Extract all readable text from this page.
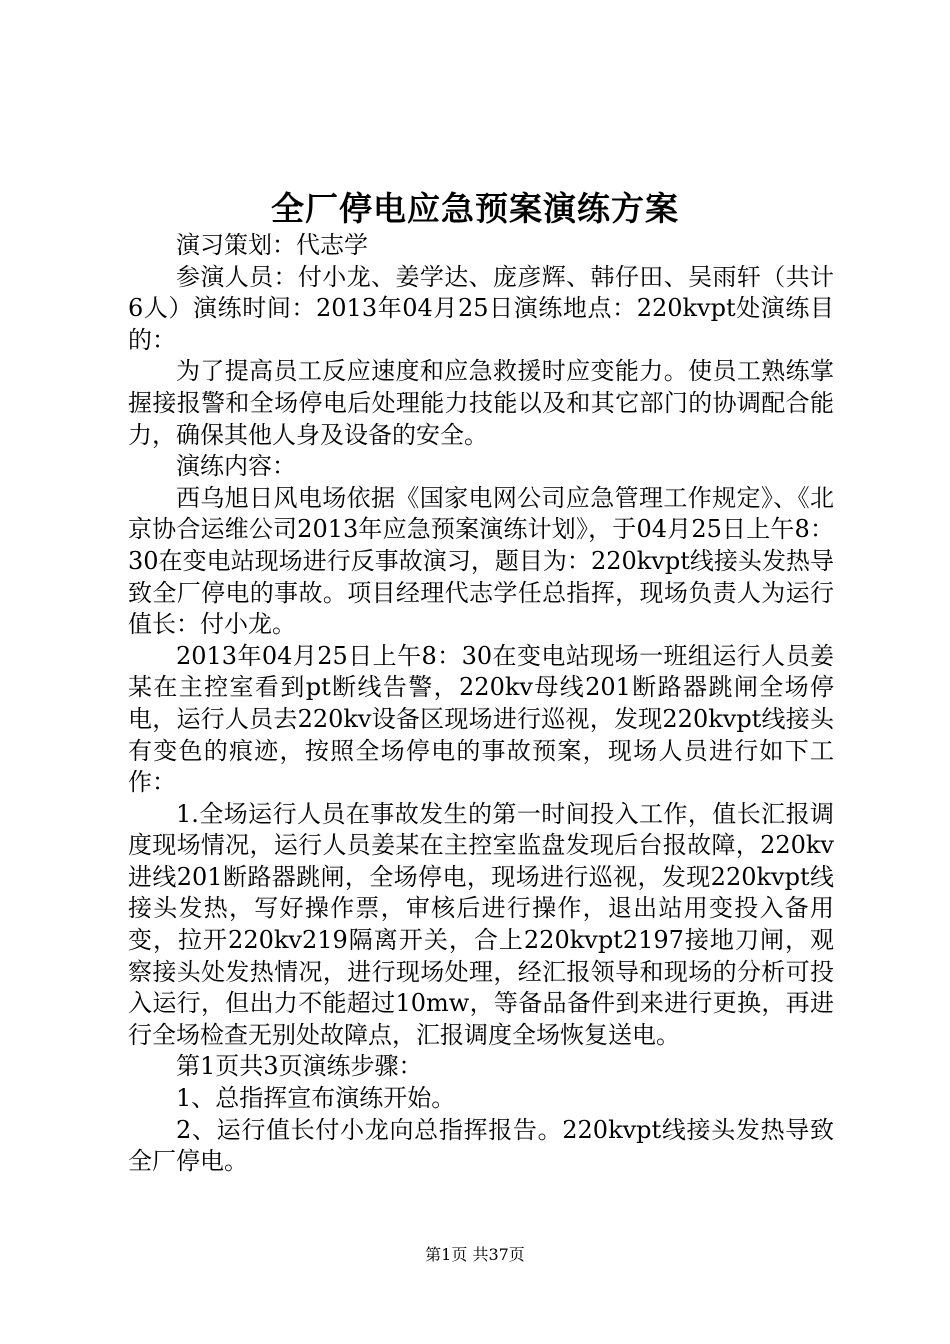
全厂停电应急预案演练方案

演习策划：代志学

参演人员：付小龙、姜学达、庞彦辉、韩仔田、吴雨轩（共计6人）演练时间：2013年04月25日演练地点：220kvpt处演练目的：

为了提高员工反应速度和应急救援时应变能力。使员工熟练掌握接报警和全场停电后处理能力技能以及和其它部门的协调配合能力，确保其他人身及设备的安全。

演练内容：

西乌旭日风电场依据《国家电网公司应急管理工作规定》、《北京协合运维公司2013年应急预案演练计划》，于04月25日上午8：30在变电站现场进行反事故演习，题目为：220kvpt线接头发热导致全厂停电的事故。项目经理代志学任总指挥，现场负责人为运行值长：付小龙。

2013年04月25日上午8：30在变电站现场一班组运行人员姜某在主控室看到pt断线告警，220kv母线201断路器跳闸全场停电，运行人员去220kv设备区现场进行巡视，发现220kvpt线接头有变色的痕迹，按照全场停电的事故预案，现场人员进行如下工作：

1.全场运行人员在事故发生的第一时间投入工作，值长汇报调度现场情况，运行人员姜某在主控室监盘发现后台报故障，220kv进线201断路器跳闸，全场停电，现场进行巡视，发现220kvpt线接头发热，写好操作票，审核后进行操作，退出站用变投入备用变，拉开220kv219隔离开关，合上220kvpt2197接地刀闸，观察接头处发热情况，进行现场处理，经汇报领导和现场的分析可投入运行，但出力不能超过10mw，等备品备件到来进行更换，再进行全场检查无别处故障点，汇报调度全场恢复送电。

第1页共3页演练步骤：

1、总指挥宣布演练开始。

2、运行值长付小龙向总指挥报告。220kvpt线接头发热导致全厂停电。

第1页 共37页
